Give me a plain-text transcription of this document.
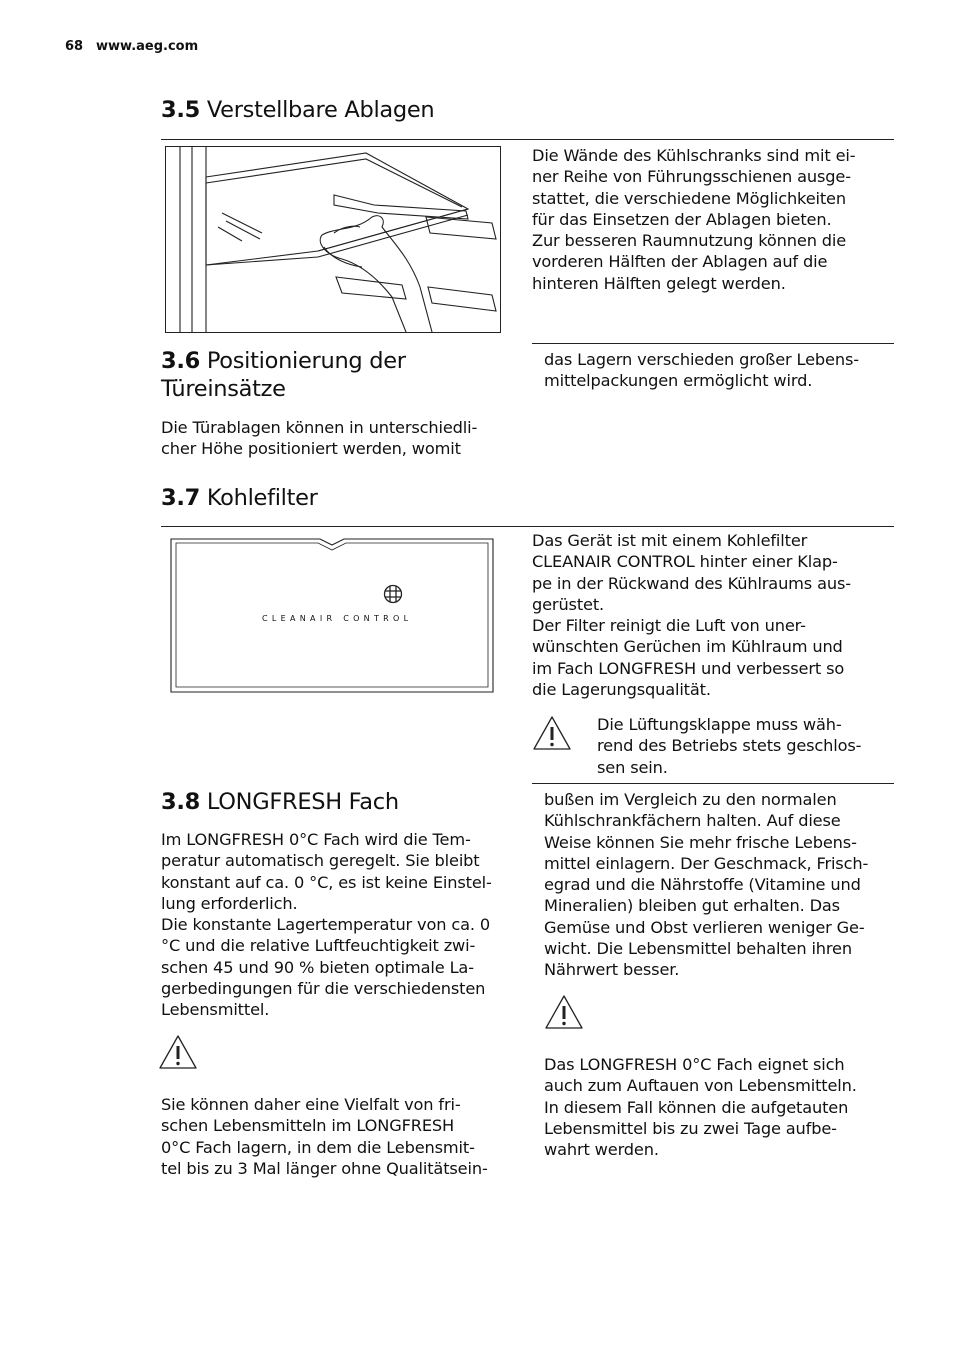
68 www.aeg.com
3.5 Verstellbare Ablagen

Die Wände des Kühlschranks sind mit ei-
ner Reihe von Führungsschienen ausge-
stattet, die verschiedene Möglichkeiten
für das Einsetzen der Ablagen bieten.
Zur besseren Raumnutzung können die
vorderen Hälften der Ablagen auf die
hinteren Hälften gelegt werden.

3.6 Positionierung der
Türeinsätze

Die Türablagen können in unterschiedli-
cher Höhe positioniert werden, womit

das Lagern verschieden großer Lebens-
mittelpackungen ermöglicht wird.

3.7 Kohlefilter
CLEANAIR CONTROL

Das Gerät ist mit einem Kohlefilter
CLEANAIR CONTROL hinter einer Klap-
pe in der Rückwand des Kühlraums aus-
gerüstet.
Der Filter reinigt die Luft von uner-
wünschten Gerüchen im Kühlraum und
im Fach LONGFRESH und verbessert so
die Lagerungsqualität.

Die Lüftungsklappe muss wäh-
rend des Betriebs stets geschlos-
sen sein.

3.8 LONGFRESH Fach

Im LONGFRESH 0°C Fach wird die Tem-
peratur automatisch geregelt. Sie bleibt
konstant auf ca. 0 °C, es ist keine Einstel-
lung erforderlich.
Die konstante Lagertemperatur von ca. 0
°C und die relative Luftfeuchtigkeit zwi-
schen 45 und 90 % bieten optimale La-
gerbedingungen für die verschiedensten
Lebensmittel.

Sie können daher eine Vielfalt von fri-
schen Lebensmitteln im LONGFRESH
0°C Fach lagern, in dem die Lebensmit-
tel bis zu 3 Mal länger ohne Qualitätsein-

bußen im Vergleich zu den normalen
Kühlschrankfächern halten. Auf diese
Weise können Sie mehr frische Lebens-
mittel einlagern. Der Geschmack, Frisch-
egrad und die Nährstoffe (Vitamine und
Mineralien) bleiben gut erhalten. Das
Gemüse und Obst verlieren weniger Ge-
wicht. Die Lebensmittel behalten ihren
Nährwert besser.

Das LONGFRESH 0°C Fach eignet sich
auch zum Auftauen von Lebensmitteln.
In diesem Fall können die aufgetauten
Lebensmittel bis zu zwei Tage aufbe-
wahrt werden.
